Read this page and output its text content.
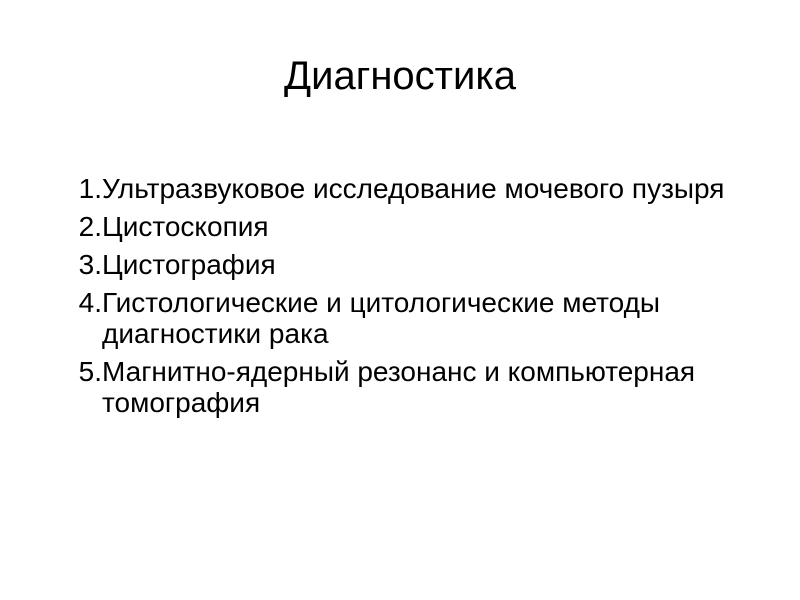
Диагностика
1. Ультразвуковое исследование мочевого пузыря
2. Цистоскопия
3. Цистография
4. Гистологические и цитологические методы диагностики рака
5. Магнитно-ядерный резонанс и компьютерная томография
